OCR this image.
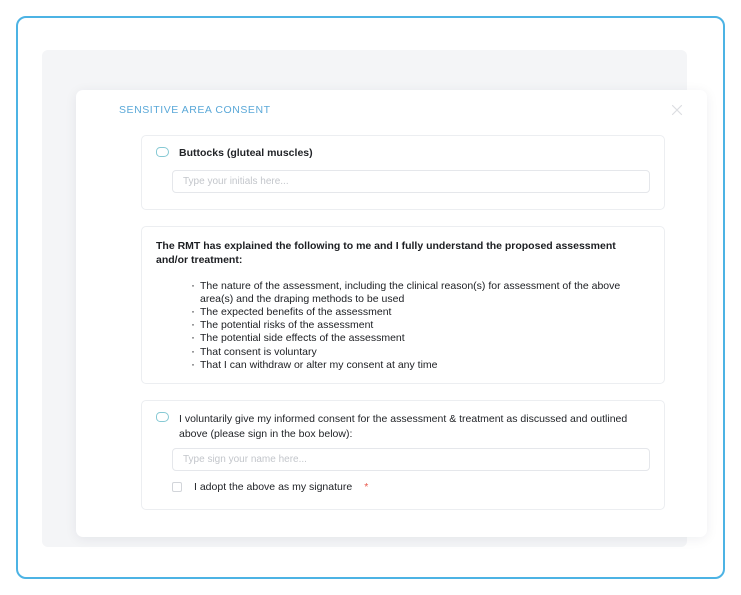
SENSITIVE AREA CONSENT
Buttocks (gluteal muscles)
Type your initials here...
The RMT has explained the following to me and I fully understand the proposed assessment and/or treatment:
· The nature of the assessment, including the clinical reason(s) for assessment of the above area(s) and the draping methods to be used
· The expected benefits of the assessment
· The potential risks of the assessment
· The potential side effects of the assessment
· That consent is voluntary
· That I can withdraw or alter my consent at any time
I voluntarily give my informed consent for the assessment & treatment as discussed and outlined above (please sign in the box below):
Type sign your name here...
I adopt the above as my signature *
